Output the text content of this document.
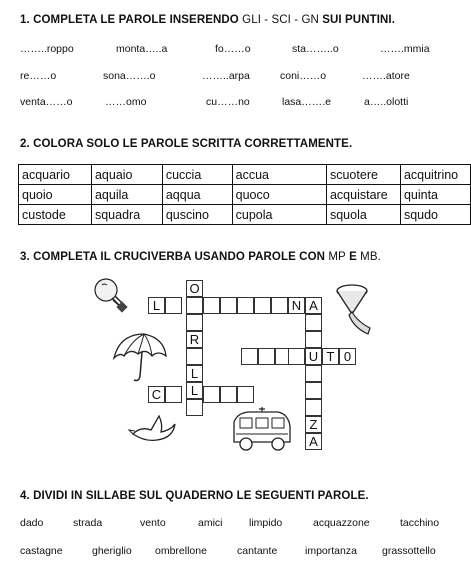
1. COMPLETA LE PAROLE INSERENDO GLI - SCI - GN SUI PUNTINI.
……..roppo	monta…..a	fo……o	sta……..o	…….mmia
re……o	sona…….o	……..arpa	coni……o	…….atore
venta……o	……omo	cu……no	lasa…….e	a…..olotti
2. COLORA SOLO LE PAROLE SCRITTA CORRETTAMENTE.
acquario	aquaio	cuccia	accua	scuotere	acquitrino
quoio	aquila	aqqua	quoco	acquistare	quinta
custode	squadra	quscino	cupola	squola	squdo
3. COMPLETA IL CRUCIVERBA USANDO PAROLE CON MP E MB.
O
R
L
L
L	N A
U
Z
A
T 0
C
4. DIVIDI IN SILLABE SUL QUADERNO LE SEGUENTI PAROLE.
dado	strada	vento	amici	limpido	acquazzone	tacchino
castagne	gheriglio ombrellone	cantante	importanza grassottello
